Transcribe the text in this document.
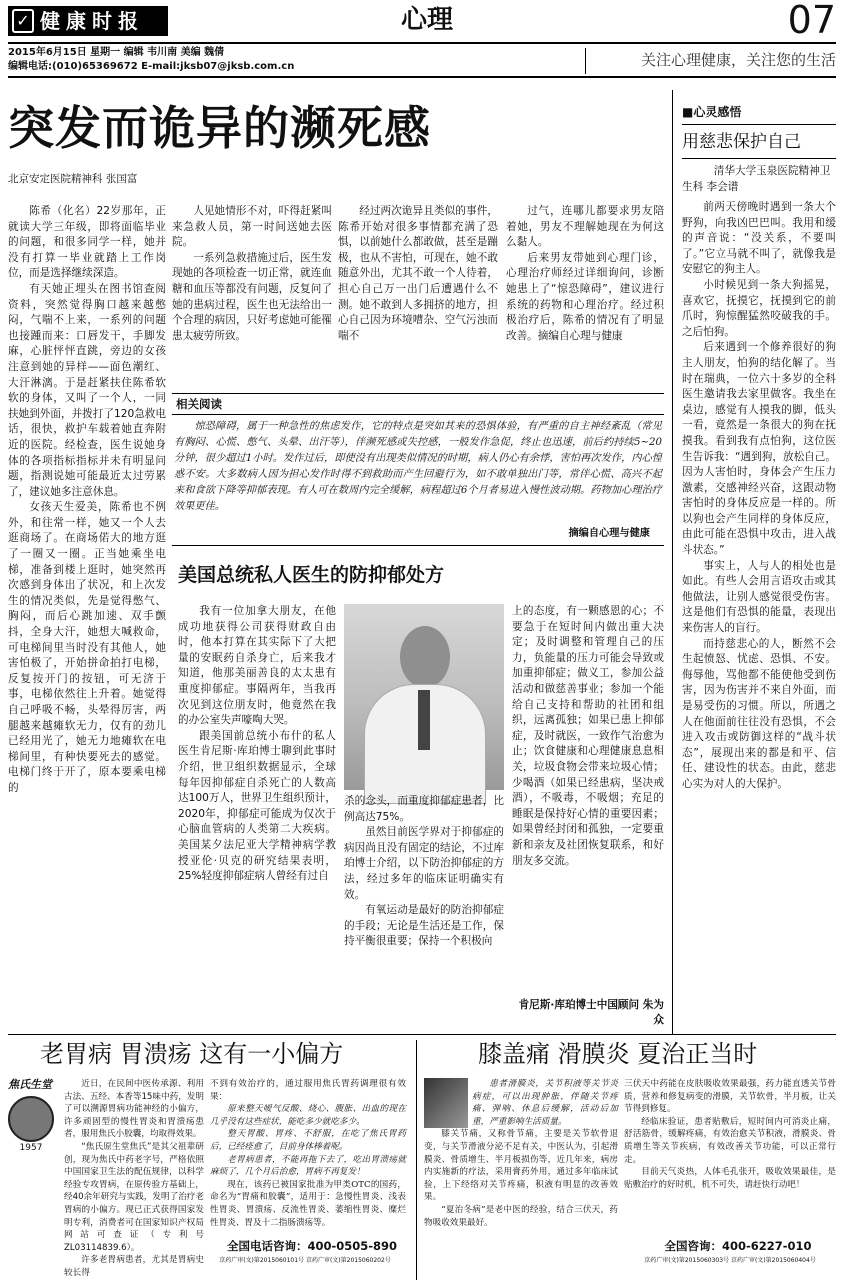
✓ 健康时报	心理	07
2015年6月15日 星期一 编辑 韦川南 美编 魏倩
编辑电话:(010)65369672 E-mail:jksb07@jksb.com.cn	关注心理健康，关注您的生活
突发而诡异的濒死感
北京安定医院精神科 张国富

陈希（化名）22岁那年，正就读大学三年级，即将面临毕业的问题，和很多同学一样，她并没有打算一毕业就踏上工作岗位，而是选择继续深造。

有天她正埋头在图书馆查阅资料，突然觉得胸口越来越憋闷，气喘不上来，一系列的问题也接踵而来：口唇发干，手脚发麻，心脏怦怦直跳，旁边的女孩注意到她的异样——面色潮红、大汗淋漓。于是赶紧扶住陈希软软的身体，又叫了一个人，一同扶她到外面，并拨打了120急救电话，很快，救护车载着她直奔附近的医院。经检查，医生说她身体的各项指标指标并未有明显问题，指测说她可能最近太过劳累了，建议她多注意休息。

女孩天生爱美，陈希也不例外，和往常一样，她又一个人去逛商场了。在商场偌大的地方逛了一圈又一圈。正当她乘坐电梯，准备到楼上逛时，她突然再次感到身体出了状况，和上次发生的情况类似，先是觉得憋气、胸闷，而后心跳加速、双手颤抖，全身大汗，她想大喊救命，可电梯间里当时没有其他人，她害怕极了，开始拼命拍打电梯，反复按开门的按钮，可无济于事，电梯依然往上升着。她觉得自己呼吸不畅，头晕得厉害，两腿越来越瘫软无力，仅有的劲儿已经用光了，她无力地瘫软在电梯间里，有种快要死去的感觉。电梯门终于开了，原本要乘电梯的

人见她情形不对，吓得赶紧叫来急救人员，第一时间送她去医院。

一系列急救措施过后，医生发现她的各项检查一切正常，就连血糖和血压等都没有问题，反复问了她的患病过程，医生也无法给出一个合理的病因，只好考虑她可能罹患太疲劳所致。

经过两次诡异且类似的事件，陈希开始对很多事情都充满了恐惧，以前她什么都敢做，甚至是蹦极，也从不害怕，可现在，她不敢随意外出，尤其不敢一个人待着，担心自己万一出门后遭遇什么不测。她不敢到人多拥挤的地方，担心自己因为环境嘈杂、空气污浊而喘不

过气，连哪儿都要求男友陪着她，男友不理解她现在为何这么黏人。

后来男友带她到心理门诊，心理治疗师经过详细询问，诊断她患上了“惊恐障碍”，建议进行系统的药物和心理治疗。经过积极治疗后，陈希的情况有了明显改善。摘编自心理与健康

相关阅读

惊恐障碍，属于一种急性的焦虑发作，它的特点是突如其来的恐惧体验，有严重的自主神经紊乱（常见有胸闷、心慌、憋气、头晕、出汗等），伴濒死感或失控感，一般发作急促，终止也迅速，前后约持续5~20分钟，很少超过1小时。发作过后，即使没有出现类似情况的时期，病人仍心有余悸，害怕再次发作，内心惶惑不安。大多数病人因为担心发作时得不到救助而产生回避行为，如不敢单独出门等，常伴心慌、高兴不起来和食欲下降等抑郁表现。有人可在数周内完全缓解，病程超过6个月者易进入慢性波动期。药物加心理治疗效果更佳。

摘编自心理与健康
美国总统私人医生的防抑郁处方

我有一位加拿大朋友，在他成功地获得公司获得财政自由时，他本打算在其实际下了大把量的安眠药自杀身亡，后来我才知道，他那美丽善良的太太患有重度抑郁症。事隔两年，当我再次见到这位朋友时，他竟然在我的办公室失声嚎啕大哭。

跟美国前总统小布什的私人医生肯尼斯·库珀博士聊到此事时介绍，世卫组织数据显示，全球每年因抑郁症自杀死亡的人数高达100万人，世界卫生组织预计，2020年，抑郁症可能成为仅次于心脑血管病的人类第二大疾病。美国某夕法尼亚大学精神病学教授亚伦·贝克的研究结果表明，25%轻度抑郁症病人曾经有过自

杀的念头，而重度抑郁症患者，比例高达75%。

虽然目前医学界对于抑郁症的病因尚且没有固定的结论，不过库珀博士介绍，以下防治抑郁症的方法，经过多年的临床证明确实有效。

有氧运动是最好的防治抑郁症的手段；无论是生活还是工作，保持平衡很重要；保持一个积极向

上的态度，有一颗感恩的心；不要急于在短时间内做出重大决定；及时调整和管理自己的压力，负能量的压力可能会导致或加重抑郁症；做义工，参加公益活动和做慈善事业；参加一个能给自己支持和帮助的社团和组织，远离孤独；如果已患上抑郁症，及时就医，一致作气治愈为止；饮食健康和心理健康息息相关，垃圾食物会带来垃圾心情；少喝酒（如果已经患病，坚决戒酒），不吸毒，不吸烟；充足的睡眠是保持好心情的重要因素；如果曾经封闭和孤独，一定要重新和亲友及社团恢复联系，和好朋友多交流。

肯尼斯·库珀博士中国顾问 朱为众
■心灵感悟
用慈悲保护自己
清华大学玉泉医院精神卫生科 李会谱

前两天傍晚时遇到一条大个野狗，向我凶巴巴叫。我用和缓的声音说：“没关系，不要叫了。”它立马就不叫了，就像我是安慰它的狗主人。

小时候见到一条大狗摇晃，喜欢它，抚摸它，抚摸到它的前爪时，狗惊醒猛然咬破我的手。之后怕狗。

后来遇到一个修养很好的狗主人朋友，怕狗的结化解了。当时在瑞典，一位六十多岁的全科医生邀请我去家里做客。我坐在桌边，感觉有人摸我的脚，低头一看，竟然是一条很大的狗在抚摸我。看到我有点怕狗，这位医生告诉我：“遇到狗，放松自己。因为人害怕时，身体会产生压力激素，交感神经兴奋，这跟动物害怕时的身体反应是一样的。所以狗也会产生同样的身体反应，由此可能在恐惧中攻击，进入战斗状态。”

事实上，人与人的相处也是如此。有些人会用言语攻击或其他做法，让别人感觉很受伤害。这是他们有恐惧的能量，表现出来伤害人的盲行。

而持慈悲心的人，断然不会生起愤怒、忧虑、恐惧、不安。侮辱他，骂他都不能使他受到伤害，因为伤害并不来自外面，而是易受伤的习惯。所以，所遇之人在他面前往往没有恐惧，不会进入攻击或防御这样的“战斗状态”，展现出来的都是和平、信任、建设性的状态。由此，慈悲心实为对人的大保护。

老胃病 胃溃疡 这有一小偏方
焦氏生堂
1957

近日，在民间中医传承源、利用古法、五经、本香等15味中药，发明了可以溯源胃病功能神经的小偏方，许多顽固型的慢性胃炎和胃溃疡患者，服用焦氏小胶囊，均取得效果。

“焦氏原生堂焦氏”是其父祖辈研创，现为焦氏中药老字号，严格依照中国国家卫生法的配伍规律，以科学经验专攻胃病，在原传验方基础上，经40余年研究与实践，发明了治疗老胃病的小偏方。现已正式获得国家发明专利，消费者可在国家知识产权局网站可查证（专利号ZL03114839.6）。

许多老胃病患者，尤其是胃病史较长得

不到有效治疗的，通过服用焦氏胃药调理很有效果：

原来整天嗳气反酸、烧心、腹胀、出血的现在几乎没有这些症状，能吃多少就吃多少。

整天胃酸、胃疼、不舒服，在吃了焦氏胃药后，已经痊愈了，目前身体棒着呢。

老胃病患者，不能再拖下去了，吃出胃溃疡就麻烦了，几个月后治愈，胃病不再复发！

现在，该药已被国家批准为甲类OTC的国药，命名为“胃痛和胶囊”，适用于：急慢性胃炎、浅表性胃炎、胃溃疡、反流性胃炎、萎缩性胃炎、糜烂性胃炎、胃及十二指肠溃疡等。

全国电话咨询：400-0505-890
京药广审(文)第2015060101号 京药广审(文)第2015060202号
膝盖痛 滑膜炎 夏治正当时

患者滑膜炎，关节积液等关节炎病症，可以出现肿胀，伴随关节疼痛、弹响、休息后缓解，活动后加重，严重影响生活质量。

膝关节痛，又称骨节痛，主要是关节软骨退变，与关节滑液分泌不足有关，中医认为，引起滑膜炎、骨质增生、半月板损伤等，近几年来，病房内实施新的疗法，采用膏药外用，通过多年临床试验，上下经络对关节疼痛，积液有明显的改善效果。

“夏治冬病”是老中医的经验，结合三伏天，药物吸收效果最好。

三伏天中药能在皮肤吸收效果最强，药力能直透关节骨质，营养和修复病变的滑膜，关节软骨，半月板，让关节得到修复。

经临床验证，患者贴敷后，短时间内可消炎止痛，舒活筋骨，缓解疼痛，有效治愈关节积液，滑膜炎、骨质增生等关节疾病，有效改善关节功能，可以正常行走。

目前天气炎热，人体毛孔张开，吸收效果最佳，是贴敷治疗的好时机，机不可失，请赶快行动吧！

全国咨询：400-6227-010
京药广审(文)第2015060303号 京药广审(文)第2015060404号
